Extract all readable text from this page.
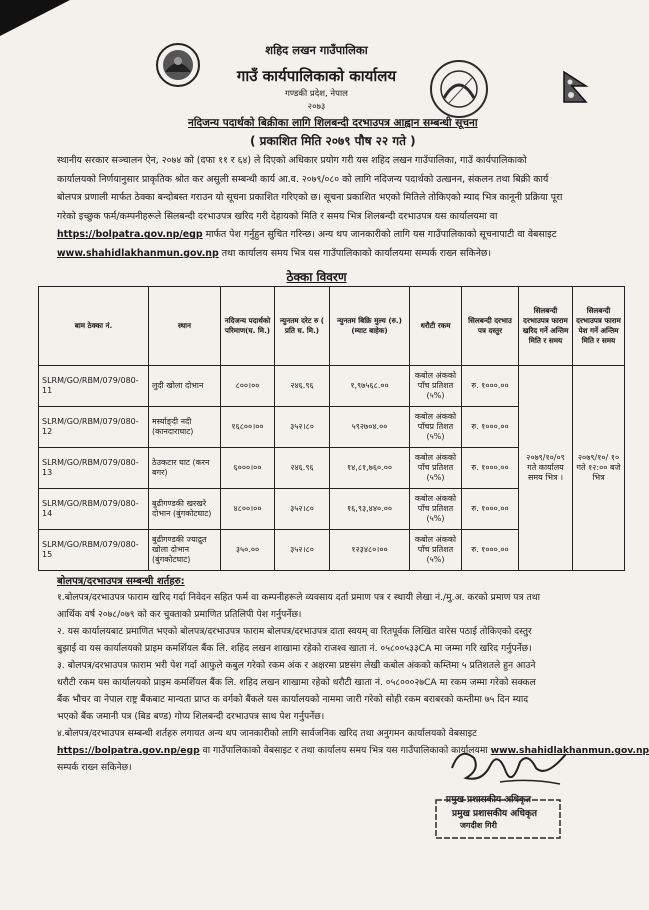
शहिद लखन गाउँपालिका
गाउँ कार्यपालिकाको कार्यालय
गण्डकी प्रदेश, नेपाल
२०७३
नदिजन्य पदार्थको बिक्रीका लागि शिलबन्दी दरभाउपत्र आह्वान सम्बन्धी सूचना
( प्रकाशित मिति २०७९ पौष २२ गते )
स्थानीय सरकार सञ्चालन ऐन, २०७४ को (दफा ११ र ६४) ले दिएको अधिकार प्रयोग गरी यस शहिद लखन गाउँपालिका, गाउँ कार्यपालिकाको
कार्यालयको निर्णयानुसार प्राकृतिक श्रोत कर असुली सम्बन्धी कार्य आ.व. २०७९/०८० को लागि नदिजन्य पदार्थको उत्खनन, संकलन तथा बिक्री कार्य
बोलपत्र प्रणाली मार्फत ठेक्का बन्दोबस्त गराउन यो सूचना प्रकाशित गरिएको छ। सूचना प्रकाशित भएको मितिले तोकिएको म्याद भित्र कानूनी प्रक्रिया पूरा
गरेको इच्छुक फर्म/कम्पनीहरूले सिलबन्दी दरभाउपत्र खरिद गरी देहायको मिति र समय भित्र शिलबन्दी दरभाउपत्र यस कार्यालयमा वा
https://bolpatra.gov.np/egp मार्फत पेश गर्नुहुन सुचित गरिन्छ। अन्य थप जानकारीको लागि यस गाउँपालिकाको सूचनापाटी वा वेबसाइट
www.shahidlakhanmun.gov.np तथा कार्यालय समय भित्र यस गाउँपालिकाको कार्यालयमा सम्पर्क राख्न सकिनेछ।
ठेक्का विवरण
बाम ठेक्का नं.	स्थान	नदिजन्य पदार्थको परिमाण(घ. मि.)	न्युनतम दरेट रु ( प्रति घ. मि.)	न्युनतम बिक्रि मुल्य (रु.) (म्याट बाहेक)	धरौटी रकम	सिलबन्दी दरभाउ पत्र दस्तुर	सिलबन्दी दरभाउपत्र फाराम खरिद गर्ने अन्तिम मिति र समय	सिलबन्दी दरभाउपत्र फाराम पेश गर्ने अन्तिम मिति र समय
SLRM/GO/RBM/079/080-11	लुदी खोला दोभान	८००।००	२४६.९६	१,९७५६८.००	कबोल अंकको पाँच प्रतिशत (५%)	रु. १०००.००	२०७९/१०/०९ गते कार्यालय समय भित्र ।	२०७९/१०/ १० गते १२:०० बजे भित्र
SLRM/GO/RBM/079/080-12	मर्स्याङ्दी नदी (कानदाराघाट)	१६८००।००	३५२।८०	५९२७०४.००	कबोल अंकको पाँचप्र तिशत (५%)	रु. १०००.००		
SLRM/GO/RBM/079/080-13	ठेउकटार घाट (करन बगर)	६०००।००	२४६.९६	१४,८१,७६०.००	कबोल अंकको पाँच प्रतिशत (५%)	रु. १०००.००		
SLRM/GO/RBM/079/080-14	बुढीगण्डकी खरखरे दोभान (बुंगकोटघाट)	४८००।००	३५२।८०	१६,९३,४४०.००	कबोल अंकको पाँच प्रतिशत (५%)	रु. १०००.००		
SLRM/GO/RBM/079/080-15	बुढीगण्डकी ज्याद्रुत खोला दोभान (बुंगकोटघाट)	३५०.००	३५२।८०	१२३४८०।००	कबोल अंकको पाँच प्रतिशत (५%)	रु. १०००.००		
बोलपत्र/दरभाउपत्र सम्बन्धी शर्तहरु:
१.बोलपत्र/दरभाउपत्र फाराम खरिद गर्दा निवेदन सहित फर्म वा कम्पनीहरूले व्यवसाय दर्ता प्रमाण पत्र र स्थायी लेखा नं./मु.अ. करको प्रमाण पत्र तथा
आर्थिक वर्ष २०७८/०७९ को कर चुक्ताको प्रमाणित प्रतिलिपी पेश गर्नुपर्नेछ।
२. यस कार्यालयबाट प्रमाणित भएको बोलपत्र/दरभाउपत्र फाराम बोलपत्र/दरभाउपत्र दाता स्वयम् वा रितपूर्वक लिखित वारेस पठाई तोकिएको दस्तुर
बुझाई वा यस कार्यालयको प्राइम कमर्शियल बैंक लि. शहिद लखन शाखामा रहेको राजश्व खाता नं. ०५८००५३३CA मा जम्मा गरि खरिद गर्नुपर्नेछ।
३. बोलपत्र/दरभाउपत्र फाराम भरी पेश गर्दा आफुले कबुल गरेको रकम अंक र अक्षरमा प्रष्टसंग लेखी कबोल अंकको कम्तिमा ५ प्रतिशतले हुन आउने
धरौटी रकम यस कार्यालयको प्राइम कमर्शियल बैंक लि. शहिद लखन शाखामा रहेको धरौटी खाता नं. ०५८०००२७CA मा रकम जम्मा गरेको सक्कल
बैंक भौचर वा नेपाल राष्ट्र बैंकबाट मान्यता प्राप्त क वर्गको बैंकले यस कार्यालयको नाममा जारी गरेको सोही रकम बराबरको कम्तीमा ७५ दिन म्याद
भएको बैंक जमानी पत्र (बिड बण्ड) गोप्य शिलबन्दी दरभाउपत्र साथ पेश गर्नुपर्नेछ।
४.बोलपत्र/दरभाउपत्र सम्बन्धी शर्तहरु लगायत अन्य थप जानकारीको लागि सार्वजनिक खरिद तथा अनुगमन कार्यालयको वेबसाइट
https://bolpatra.gov.np/egp वा गाउँपालिकाको वेबसाइट र तथा कार्यालय समय भित्र यस गाउँपालिकाको कार्यालयमा www.shahidlakhanmun.gov.np
सम्पर्क राख्न सकिनेछ।
प्रमुख प्रशासकीय अधिकृत
प्रमुख प्रशासकीय अधिकृत
जगदीश गिरी
